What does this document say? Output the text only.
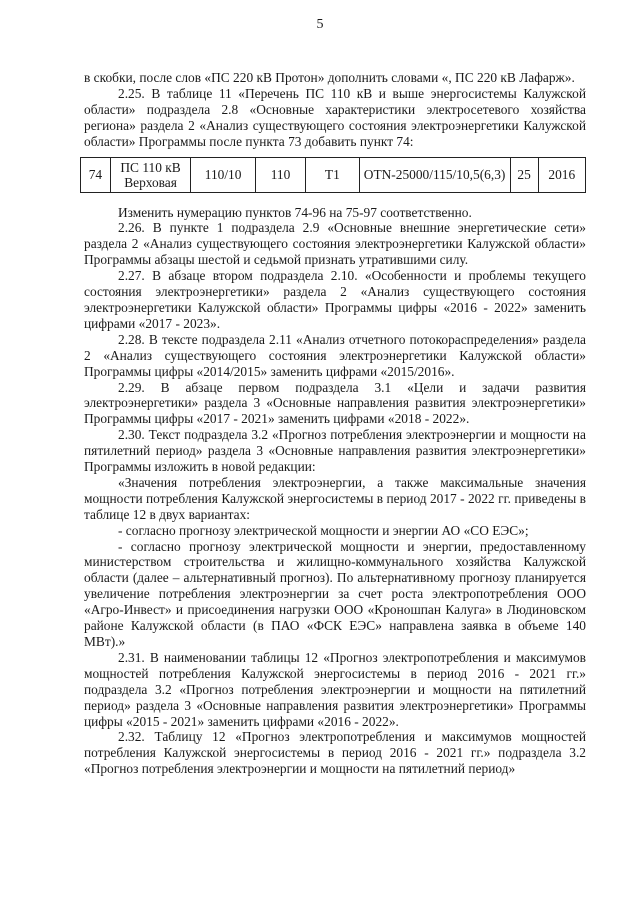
5

в скобки, после слов «ПС 220 кВ Протон» дополнить словами «, ПС 220 кВ Лафарж».

2.25. В таблице 11 «Перечень ПС 110 кВ и выше энергосистемы Калужской области» подраздела 2.8 «Основные характеристики электросетевого хозяйства региона» раздела 2 «Анализ существующего состояния электроэнергетики Калужской области» Программы после пункта 73 добавить пункт 74:

74	ПС 110 кВ Верховая	110/10	110	Т1	OTN-25000/115/10,5(6,3)	25	2016

Изменить нумерацию пунктов 74-96 на 75-97 соответственно.

2.26. В пункте 1 подраздела 2.9 «Основные внешние энергетические сети» раздела 2 «Анализ существующего состояния электроэнергетики Калужской области» Программы абзацы шестой и седьмой признать утратившими силу.

2.27. В абзаце втором подраздела 2.10. «Особенности и проблемы текущего состояния электроэнергетики» раздела 2 «Анализ существующего состояния электроэнергетики Калужской области» Программы цифры «2016 - 2022» заменить цифрами «2017 - 2023».

2.28. В тексте подраздела 2.11 «Анализ отчетного потокораспределения» раздела 2 «Анализ существующего состояния электроэнергетики Калужской области» Программы цифры «2014/2015» заменить цифрами «2015/2016».

2.29. В абзаце первом подраздела 3.1 «Цели и задачи развития электроэнергетики» раздела 3 «Основные направления развития электроэнергетики» Программы цифры «2017 - 2021» заменить цифрами «2018 - 2022».

2.30. Текст подраздела 3.2 «Прогноз потребления электроэнергии и мощности на пятилетний период» раздела 3 «Основные направления развития электроэнергетики» Программы изложить в новой редакции:

«Значения потребления электроэнергии, а также максимальные значения мощности потребления Калужской энергосистемы в период 2017 - 2022 гг. приведены в таблице 12 в двух вариантах:

- согласно прогнозу электрической мощности и энергии АО «СО ЕЭС»;

- согласно прогнозу электрической мощности и энергии, предоставленному министерством строительства и жилищно-коммунального хозяйства Калужской области (далее – альтернативный прогноз). По альтернативному прогнозу планируется увеличение потребления электроэнергии за счет роста электропотребления ООО «Агро-Инвест» и присоединения нагрузки ООО «Кроношпан Калуга» в Людиновском районе Калужской области (в ПАО «ФСК ЕЭС» направлена заявка в объеме 140 МВт).»

2.31. В наименовании таблицы 12 «Прогноз электропотребления и максимумов мощностей потребления Калужской энергосистемы в период 2016 - 2021 гг.» подраздела 3.2 «Прогноз потребления электроэнергии и мощности на пятилетний период» раздела 3 «Основные направления развития электроэнергетики» Программы цифры «2015 - 2021» заменить цифрами «2016 - 2022».

2.32. Таблицу 12 «Прогноз электропотребления и максимумов мощностей потребления Калужской энергосистемы в период 2016 - 2021 гг.» подраздела 3.2 «Прогноз потребления электроэнергии и мощности на пятилетний период»
